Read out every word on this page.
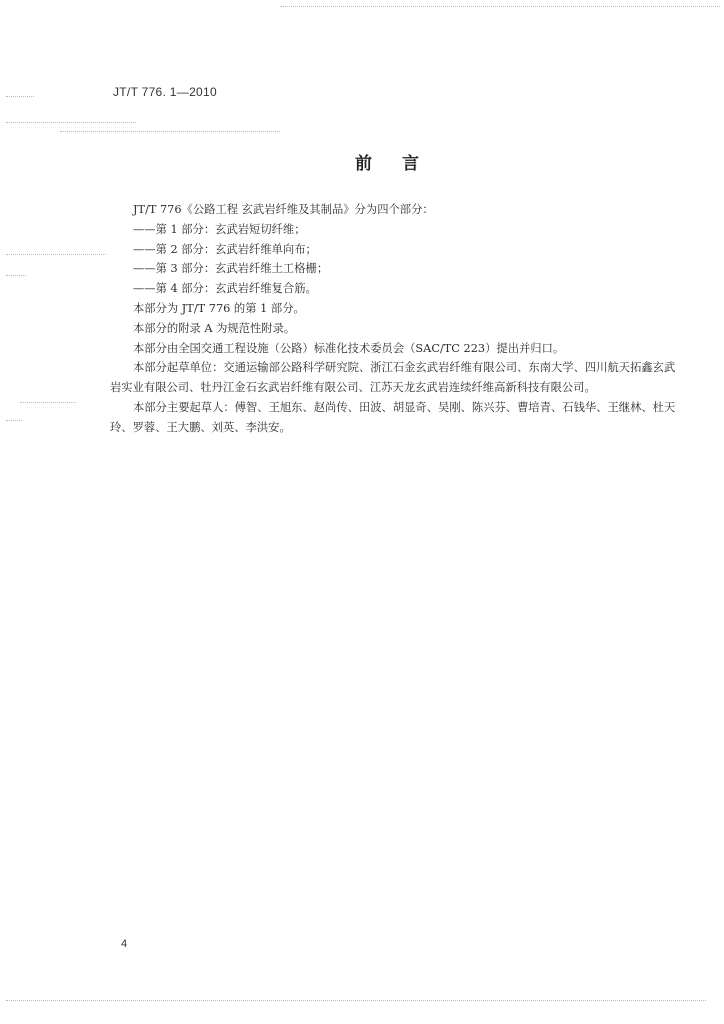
JT/T 776. 1—2010
前言

JT/T 776《公路工程 玄武岩纤维及其制品》分为四个部分：

——第 1 部分：玄武岩短切纤维；

——第 2 部分：玄武岩纤维单向布；

——第 3 部分：玄武岩纤维土工格栅；

——第 4 部分：玄武岩纤维复合筋。

本部分为 JT/T 776 的第 1 部分。

本部分的附录 A 为规范性附录。

本部分由全国交通工程设施（公路）标准化技术委员会（SAC/TC 223）提出并归口。

本部分起草单位：交通运输部公路科学研究院、浙江石金玄武岩纤维有限公司、东南大学、四川航天拓鑫玄武岩实业有限公司、牡丹江金石玄武岩纤维有限公司、江苏天龙玄武岩连续纤维高新科技有限公司。

本部分主要起草人：傅智、王旭东、赵尚传、田波、胡显奇、吴刚、陈兴芬、曹培青、石钱华、王继林、杜天玲、罗蓉、王大鹏、刘英、李洪安。

4
